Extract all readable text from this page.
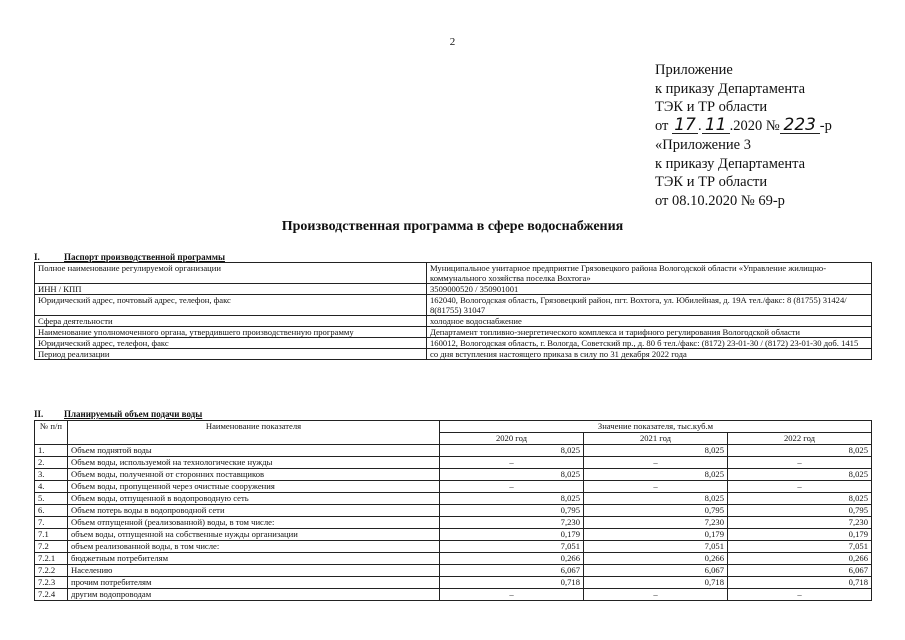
2
Приложение
к приказу Департамента
ТЭК и ТР области
от 17 . 11 .2020 № 223 -р
«Приложение 3
к приказу Департамента
ТЭК и ТР области
от 08.10.2020 № 69-р
Производственная программа в сфере водоснабжения
I.	Паспорт производственной программы
Полное наименование регулируемой организации	Муниципальное унитарное предприятие Грязовецкого района Вологодской области «Управление жилищно-коммунального хозяйства поселка Вохтога»
ИНН / КПП	3509000520 / 350901001
Юридический адрес, почтовый адрес, телефон, факс	162040, Вологодская область, Грязовецкий район, пгт. Вохтога, ул. Юбилейная, д. 19А тел./факс: 8 (81755) 31424/ 8(81755) 31047
Сфера деятельности	холодное водоснабжение
Наименование уполномоченного органа, утвердившего производственную программу	Департамент топливно-энергетического комплекса и тарифного регулирования Вологодской области
Юридический адрес, телефон, факс	160012, Вологодская область, г. Вологда, Советский пр., д. 80 б тел./факс: (8172) 23-01-30 / (8172) 23-01-30 доб. 1415
Период реализации	со дня вступления настоящего приказа в силу по 31 декабря 2022 года
II. Планируемый объем подачи воды
№ п/п	Наименование показателя	Значение показателя, тыс.куб.м		
		2020 год	2021 год	2022 год
1.	Объем поднятой воды	8,025	8,025	8,025
2.	Объем воды, используемой на технологические нужды	–	–	–
3.	Объем воды, полученной от сторонних поставщиков	8,025	8,025	8,025
4.	Объем воды, пропущенной через очистные сооружения	–	–	–
5.	Объем воды, отпущенной в водопроводную сеть	8,025	8,025	8,025
6.	Объем потерь воды в водопроводной сети	0,795	0,795	0,795
7.	Объем отпущенной (реализованной) воды, в том числе:	7,230	7,230	7,230
7.1	объем воды, отпущенной на собственные нужды организации	0,179	0,179	0,179
7.2	объем реализованной воды, в том числе:	7,051	7,051	7,051
7.2.1	бюджетным потребителям	0,266	0,266	0,266
7.2.2	Населению	6,067	6,067	6,067
7.2.3	прочим потребителям	0,718	0,718	0,718
7.2.4	другим водопроводам	–	–	–
